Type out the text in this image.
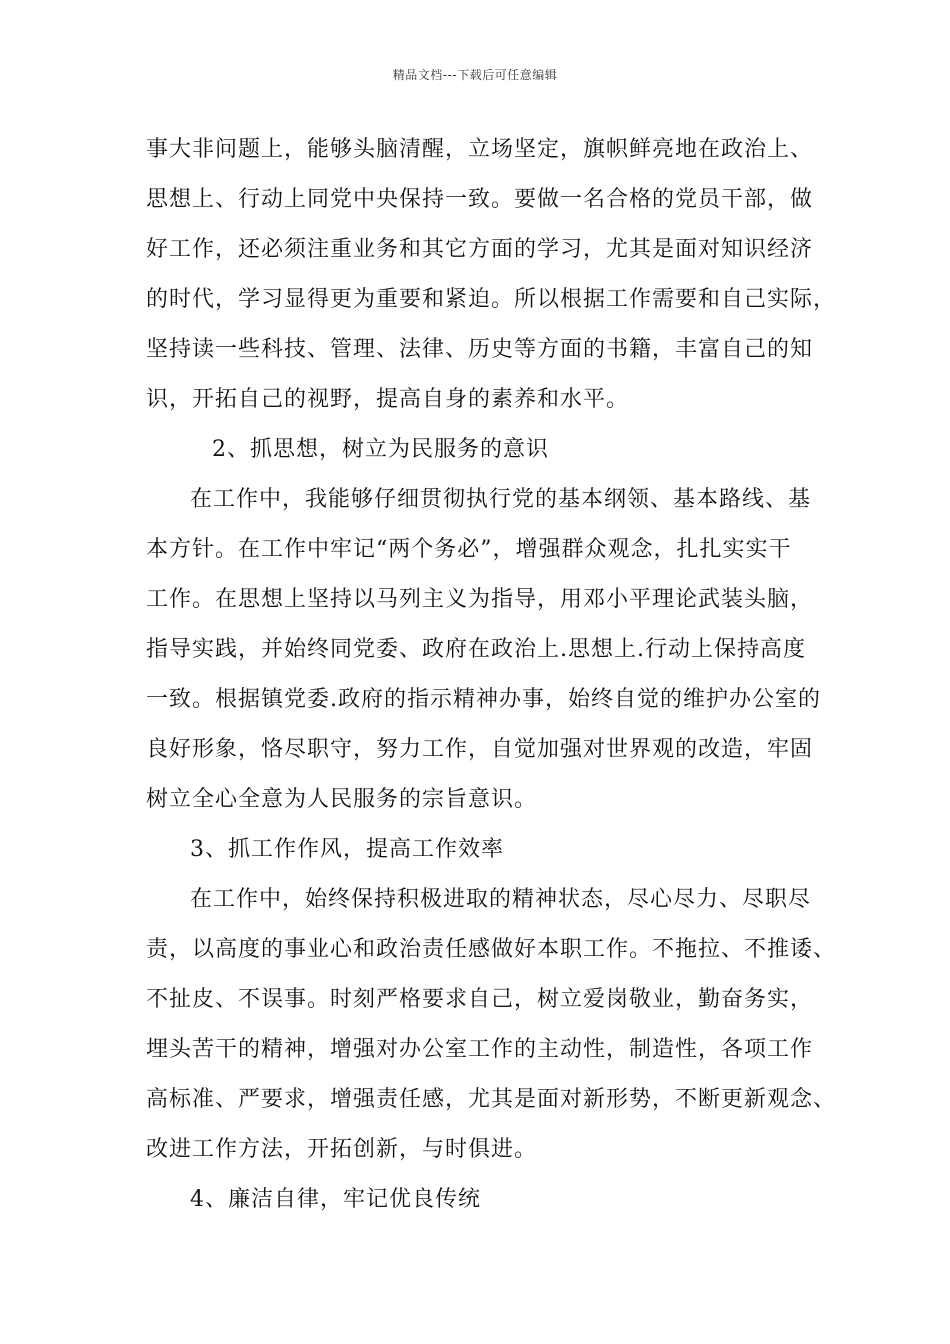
精品文档---下载后可任意编辑
事大非问题上，能够头脑清醒，立场坚定，旗帜鲜亮地在政治上、
思想上、行动上同党中央保持一致。要做一名合格的党员干部，做
好工作，还必须注重业务和其它方面的学习，尤其是面对知识经济
的时代，学习显得更为重要和紧迫。所以根据工作需要和自己实际，
坚持读一些科技、管理、法律、历史等方面的书籍，丰富自己的知
识，开拓自己的视野，提高自身的素养和水平。
2、抓思想，树立为民服务的意识
在工作中，我能够仔细贯彻执行党的基本纲领、基本路线、基
本方针。在工作中牢记“两个务必”，增强群众观念，扎扎实实干
工作。在思想上坚持以马列主义为指导，用邓小平理论武装头脑，
指导实践，并始终同党委、政府在政治上.思想上.行动上保持高度
一致。根据镇党委.政府的指示精神办事，始终自觉的维护办公室的
良好形象，恪尽职守，努力工作，自觉加强对世界观的改造，牢固
树立全心全意为人民服务的宗旨意识。
3、抓工作作风，提高工作效率
在工作中，始终保持积极进取的精神状态，尽心尽力、尽职尽
责，以高度的事业心和政治责任感做好本职工作。不拖拉、不推诿、
不扯皮、不误事。时刻严格要求自己，树立爱岗敬业，勤奋务实，
埋头苦干的精神，增强对办公室工作的主动性，制造性，各项工作
高标准、严要求，增强责任感，尤其是面对新形势，不断更新观念、
改进工作方法，开拓创新，与时俱进。
4、廉洁自律，牢记优良传统
